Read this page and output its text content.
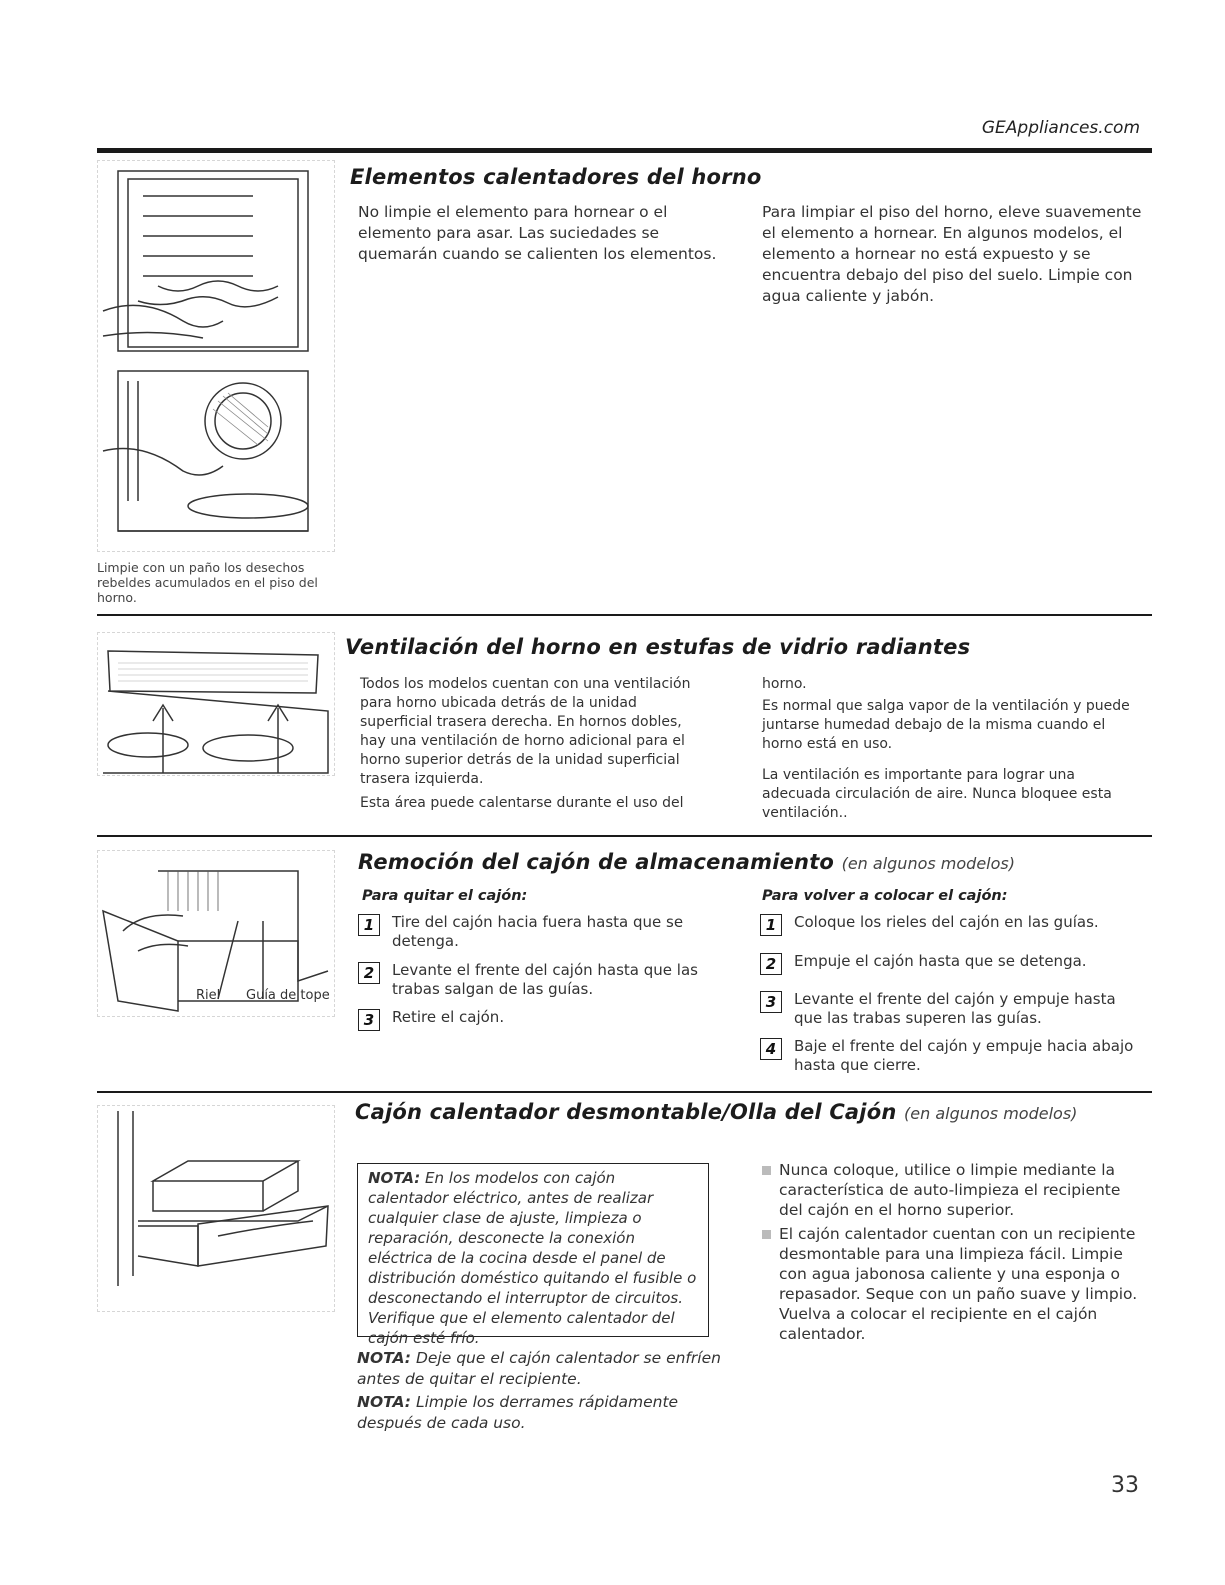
GEAppliances.com
Limpie con un paño los desechos rebeldes acumulados en el piso del horno.
Elementos calentadores del horno

No limpie el elemento para hornear o el elemento para asar. Las suciedades se quemarán cuando se calienten los elementos.

Para limpiar el piso del horno, eleve suavemente el elemento a hornear. En algunos modelos, el elemento a hornear no está expuesto y se encuentra debajo del piso del suelo. Limpie con agua caliente y jabón.

Ventilación del horno en estufas de vidrio radiantes

Todos los modelos cuentan con una ventilación para horno ubicada detrás de la unidad superficial trasera derecha. En hornos dobles, hay una ventilación de horno adicional para el horno superior detrás de la unidad superficial trasera izquierda.

Esta área puede calentarse durante el uso del

horno.

Es normal que salga vapor de la ventilación y puede juntarse humedad debajo de la misma cuando el horno está en uso.

La ventilación es importante para lograr una adecuada circulación de aire. Nunca bloquee esta ventilación..

Riel Guía de tope
Remoción del cajón de almacenamiento (en algunos modelos)
Para quitar el cajón:
1	Tire del cajón hacia fuera hasta que se detenga.
2	Levante el frente del cajón hasta que las trabas salgan de las guías.
3	Retire el cajón.
Para volver a colocar el cajón:
1	Coloque los rieles del cajón en las guías.
2	Empuje el cajón hasta que se detenga.
3	Levante el frente del cajón y empuje hasta que las trabas superen las guías.
4	Baje el frente del cajón y empuje hacia abajo hasta que cierre.
Cajón calentador desmontable/Olla del Cajón (en algunos modelos)
NOTA: En los modelos con cajón calentador eléctrico, antes de realizar cualquier clase de ajuste, limpieza o reparación, desconecte la conexión eléctrica de la cocina desde el panel de distribución doméstico quitando el fusible o desconectando el interruptor de circuitos. Verifique que el elemento calentador del cajón esté frío.

NOTA: Deje que el cajón calentador se enfríen antes de quitar el recipiente.

NOTA: Limpie los derrames rápidamente después de cada uso.

Nunca coloque, utilice o limpie mediante la característica de auto-limpieza el recipiente del cajón en el horno superior.
El cajón calentador cuentan con un recipiente desmontable para una limpieza fácil. Limpie con agua jabonosa caliente y una esponja o repasador. Seque con un paño suave y limpio. Vuelva a colocar el recipiente en el cajón calentador.
33
